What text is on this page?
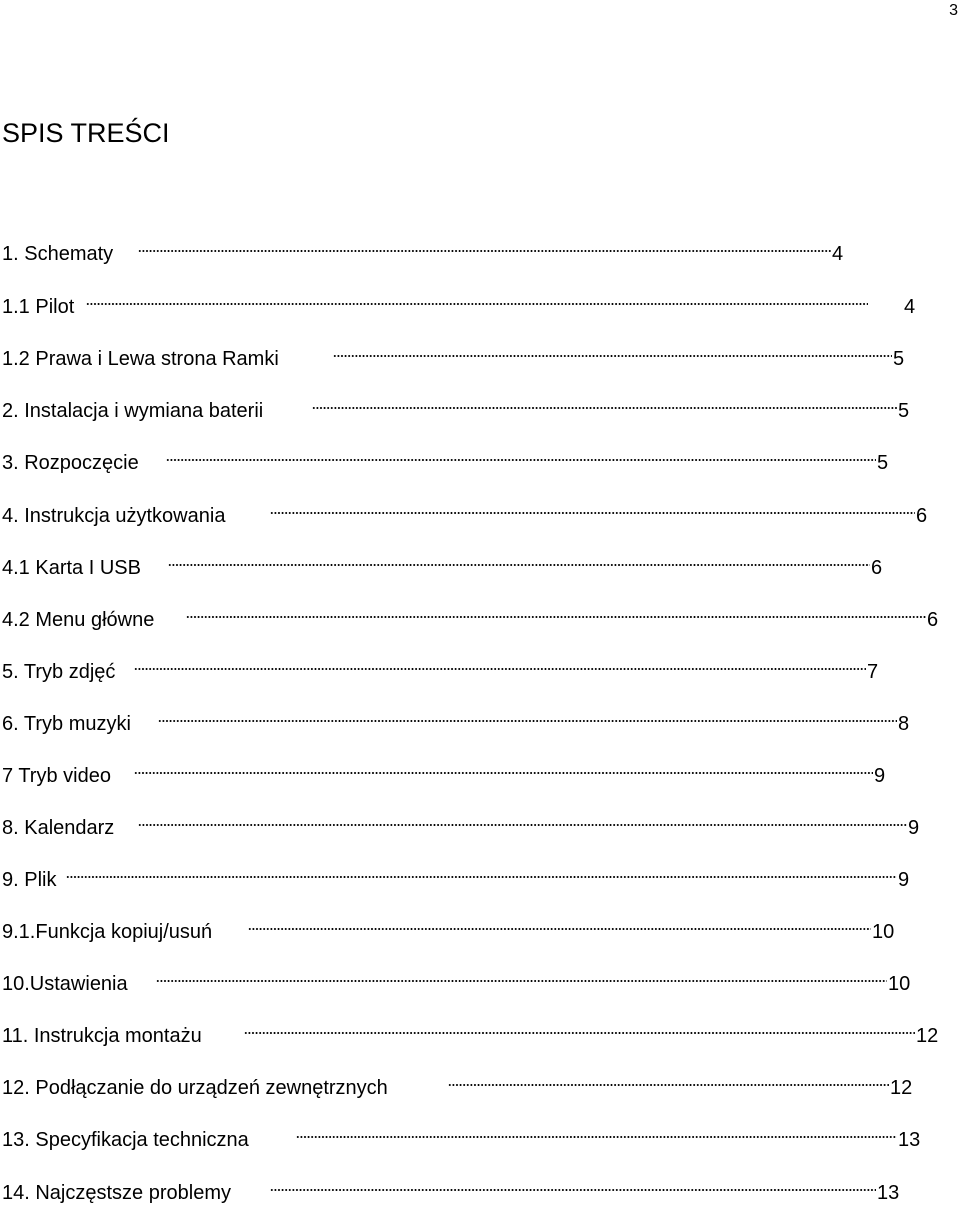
3
SPIS TREŚCI
1. Schematy	4
1.1 Pilot	4
1.2 Prawa i Lewa strona Ramki	5
2. Instalacja i wymiana baterii	5
3. Rozpoczęcie	5
4. Instrukcja użytkowania	6
4.1 Karta I USB	6
4.2 Menu główne	6
5. Tryb zdjęć	7
6. Tryb muzyki	8
7 Tryb video	9
8. Kalendarz	9
9. Plik	9
9.1.Funkcja kopiuj/usuń	10
10.Ustawienia	10
11. Instrukcja montażu	12
12. Podłączanie do urządzeń zewnętrznych	12
13. Specyfikacja techniczna	13
14. Najczęstsze problemy	13
